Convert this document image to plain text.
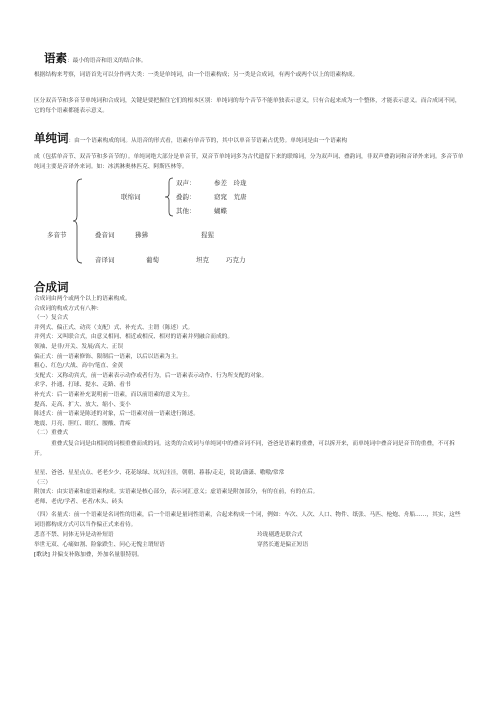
语素：最小的语音和语义的结合体。
根据结构来考察，词语首先可以分作两大类：一类是单纯词，由一个语素构成；另一类是合成词，有两个或两个以上的语素构成。
区分双音节和多音节单纯词和合成词，关键是要把握住它们的根本区别：单纯词的每个音节不能单独表示意义，只有合起来成为一个整体，才能表示意义。而合成词不同，它的每个语素都能表示意义。
单纯词：由一个语素构成的词。从语音的形式看，语素有单音节的，其中以单音节语素占优势。单纯词是由一个语素构
成（包括单音节、双音节和多音节的）。单纯词绝大部分是单音节，双音节单纯词多为古代遗留下来的联绵词，分为双声词、叠韵词，非双声叠韵词和音译外来词。多音节单纯词主要是音译外来词。如：冰淇淋奥林匹克、阿斯匹林等。
多音节
联绵词
双声：	参差　玲珑
叠韵：	窈窕　荒唐
其他：	蝴蝶
叠音词	狒狒	猩猩
音译词	葡萄	坦克	巧克力
合成词
合成词由两个或两个以上的语素构成。
合成词的构成方式有八种：
（一）复合式
并列式、偏正式、动宾（支配）式、补充式、主谓（陈述）式。
并列式：又叫联合式，由意义相同、相近或相反、相对的语素并列融合而成的。
领袖、是非/开关、发展/高大、正误
偏正式：前一语素修饰、限制后一语素，以后以语素为主。
粗心、红色/大战、高中/笔直、金黄
支配式：又称动宾式，前一语素表示动作或者行为，后一语素表示动作、行为所支配的对象。
求学、扑通、打球、提水、走路、看书
补充式：后一语素补充说明前一语素，而以前语素的意义为主。
提高、走高、扩大、放大、缩小、变小
陈述式：前一语素是陈述的对象，后一语素对前一语素进行陈述。
地震、月亮、胆红、眼红、腰酸、背疼
（二）重叠式
重叠式复合词是由相同的词根重叠而成的词。这类的合成词与单纯词中的叠音词不同，爸爸是语素的重叠，可以拆开来，而单纯词中叠音词是音节的重叠，不可拆开。
星星、爸爸、星星点点、老老少少、花花绿绿、坑坑洼洼，朝朝、暮暮/走走，说说/潇潇、嗷嗷/常常
（三）
附加式：由实语素和虚语素构成。实语素是核心部分，表示词汇意义；虚语素是附加部分，有的在前，有的在后。
老师、老虎/学者、老者/木头、砖头
（四）名量式：前一个语素是名词性的语素，后一个语素是量词性语素，合起来构成一个词，例如：车次、人次、人口、物件、纸张、马匹、枪炮、舟船……，其实，这些词语都构成方式可以当作偏正式来看待。
悲喜不禁、同体无异是动补短语	玲珑剔透是联合式
举世无双、心痛如割、险象跌生、问心无愧主谓短语	穿然长逝是偏正短语
[歌诀] 并偏支补陈加叠，外加名量很特别。
